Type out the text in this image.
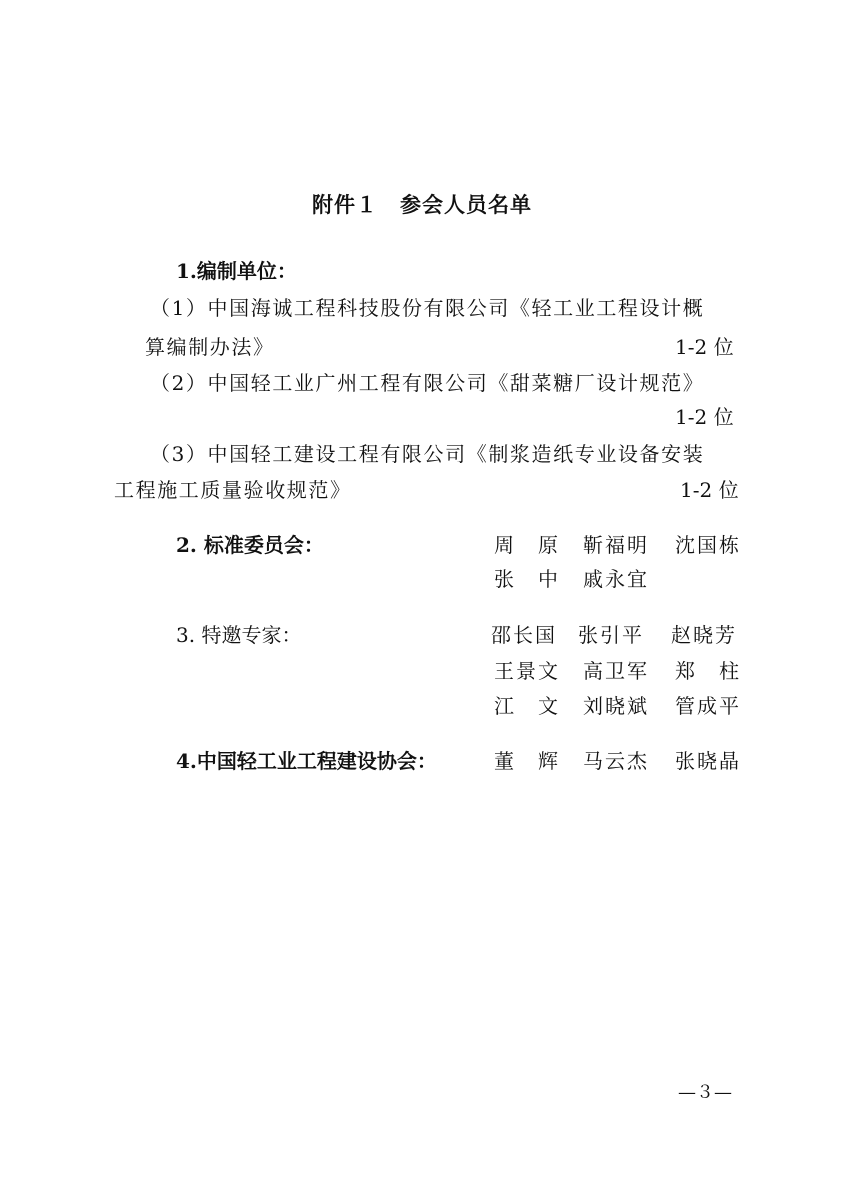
附件１　参会人员名单
1.编制单位：
（1）中国海诚工程科技股份有限公司《轻工业工程设计概
算编制办法》	1-2 位
（2）中国轻工业广州工程有限公司《甜菜糖厂设计规范》
1-2 位
（3）中国轻工建设工程有限公司《制浆造纸专业设备安装
工程施工质量验收规范》	1-2 位
2. 标准委员会：	周　原 靳福明 沈国栋
张　中 戚永宜
3. 特邀专家：	邵长国 张引平 赵晓芳
王景文 高卫军 郑　柱
江　文 刘晓斌 管成平
4.中国轻工业工程建设协会：	董　辉 马云杰 张晓晶
—３—
